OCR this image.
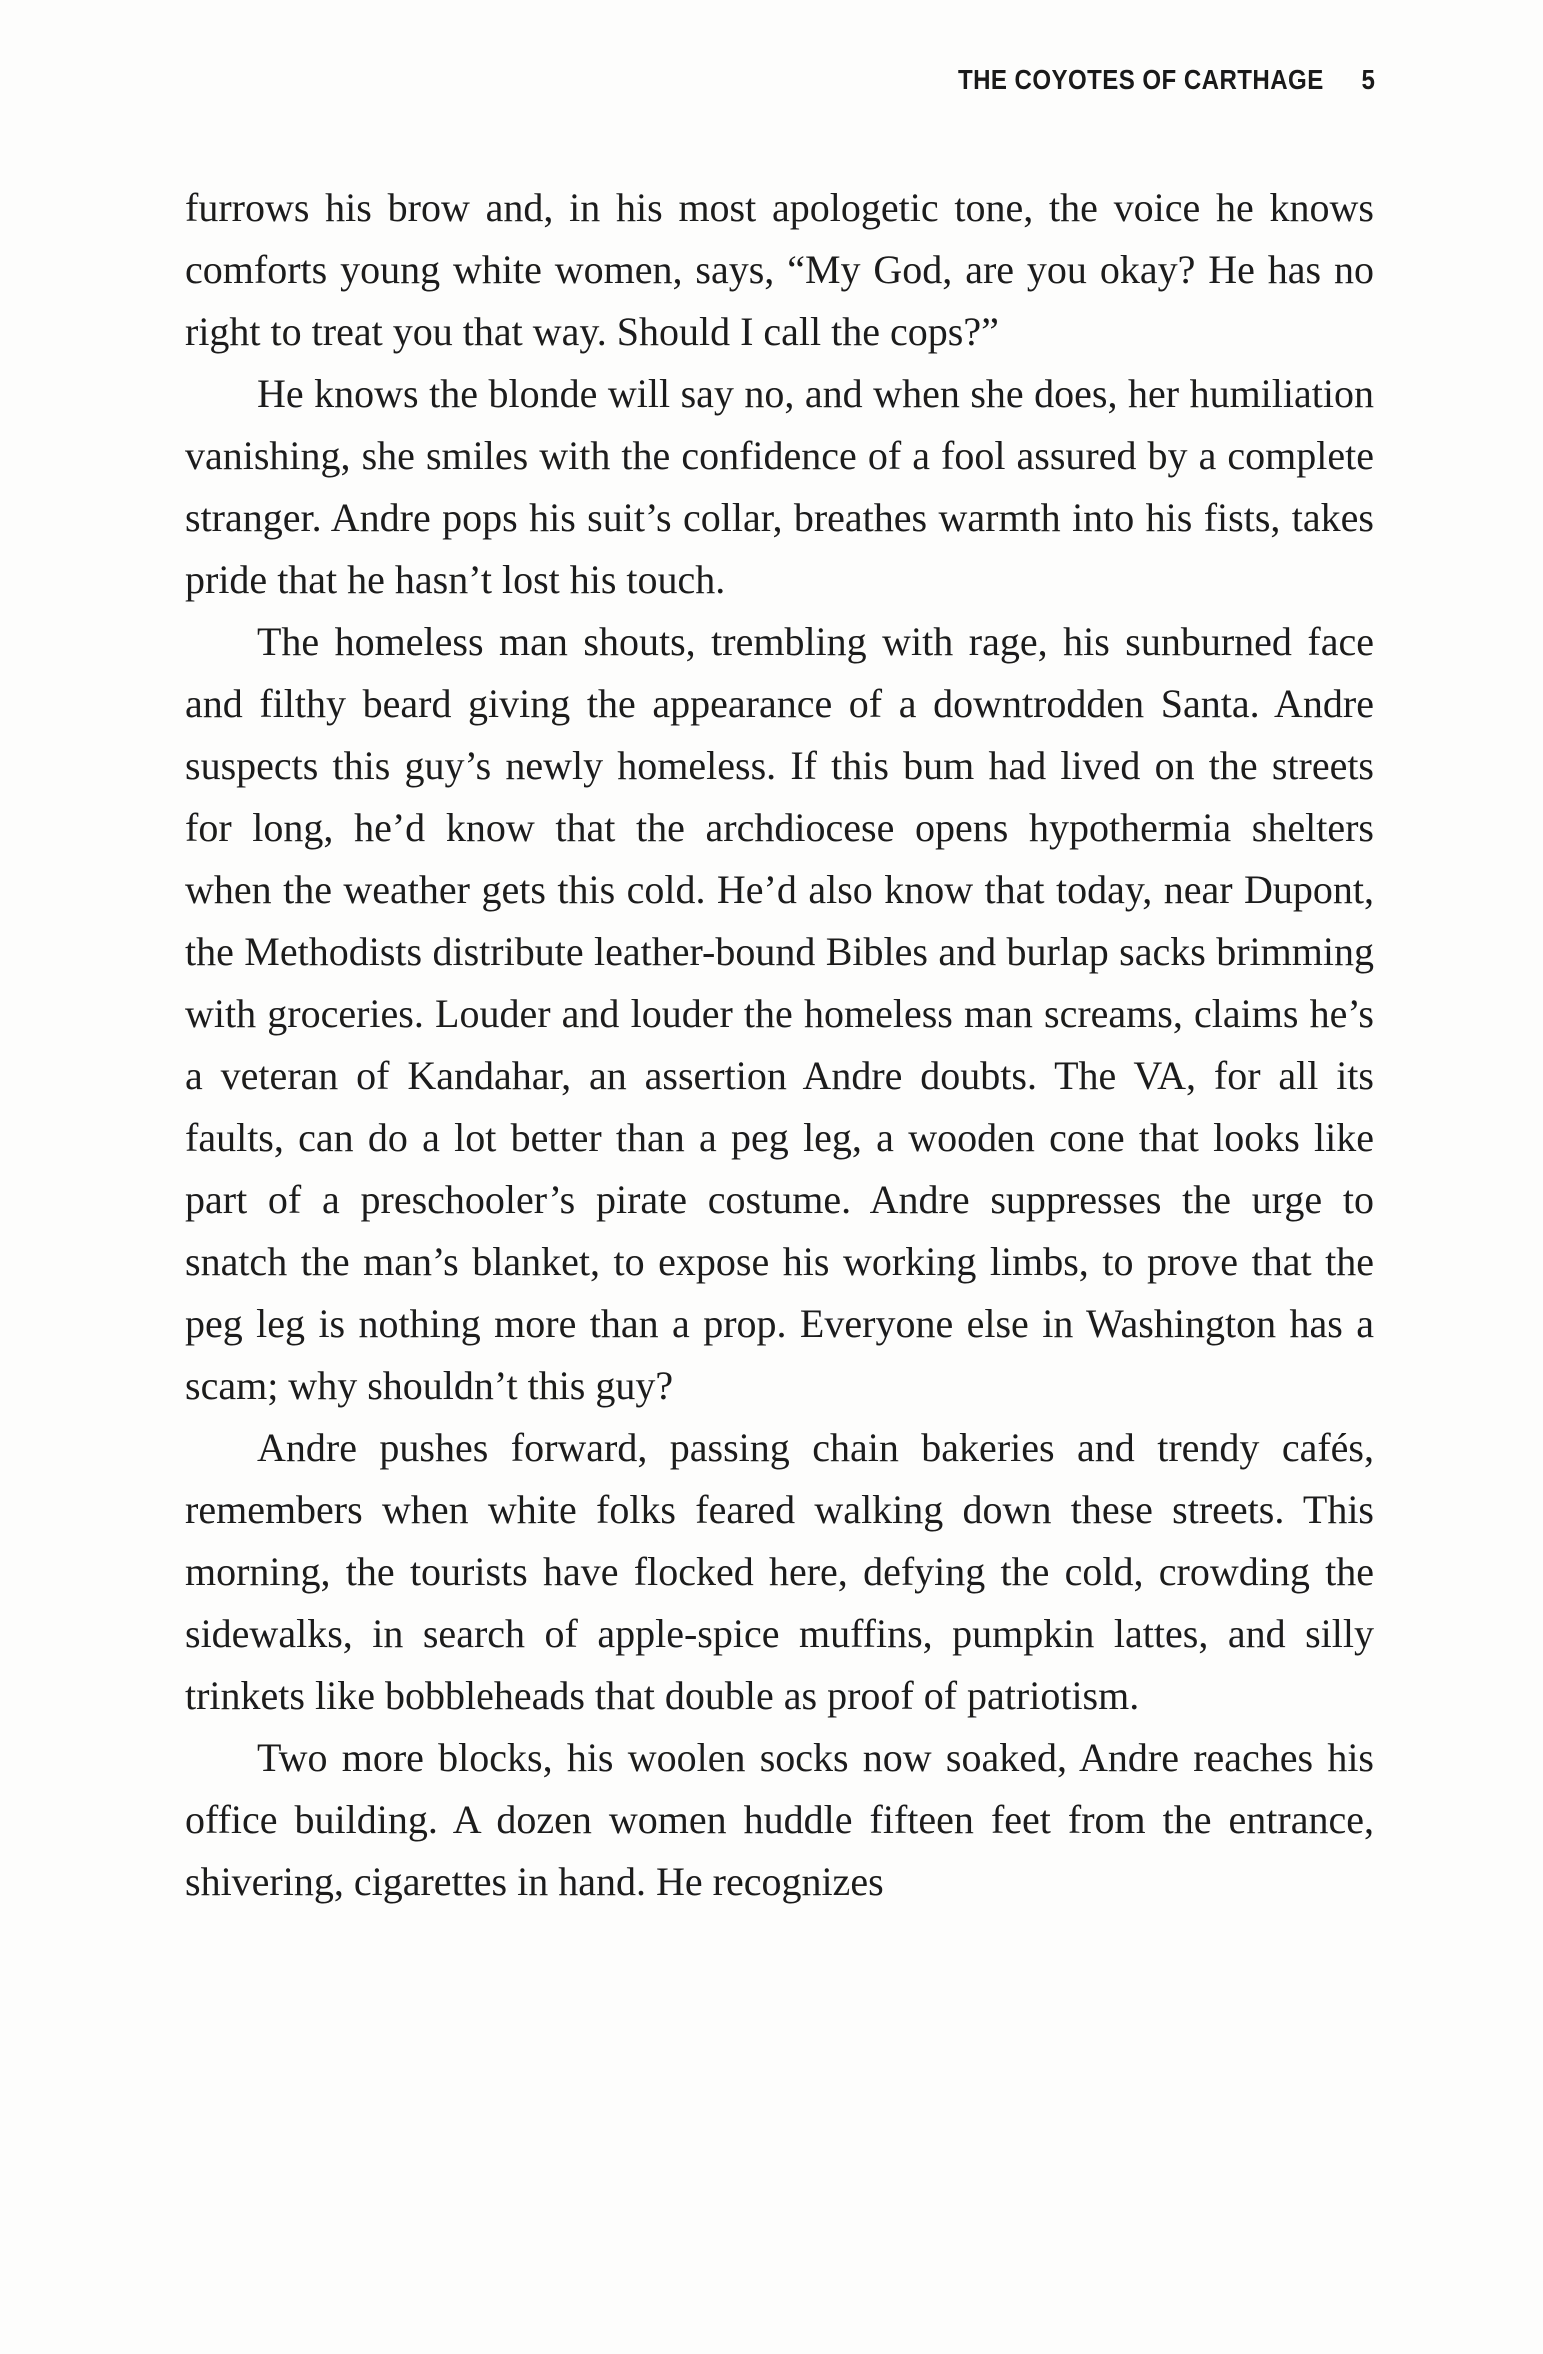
THE COYOTES OF CARTHAGE 5

furrows his brow and, in his most apologetic tone, the voice he knows comforts young white women, says, “My God, are you okay? He has no right to treat you that way. Should I call the cops?”

He knows the blonde will say no, and when she does, her humiliation vanishing, she smiles with the confidence of a fool assured by a complete stranger. Andre pops his suit’s collar, breathes warmth into his fists, takes pride that he hasn’t lost his touch.

The homeless man shouts, trembling with rage, his sunburned face and filthy beard giving the appearance of a downtrodden Santa. Andre suspects this guy’s newly homeless. If this bum had lived on the streets for long, he’d know that the archdiocese opens hypothermia shelters when the weather gets this cold. He’d also know that today, near Dupont, the Methodists distribute leather-bound Bibles and burlap sacks brimming with groceries. Louder and louder the homeless man screams, claims he’s a veteran of Kandahar, an assertion Andre doubts. The VA, for all its faults, can do a lot better than a peg leg, a wooden cone that looks like part of a preschooler’s pirate costume. Andre suppresses the urge to snatch the man’s blanket, to expose his working limbs, to prove that the peg leg is nothing more than a prop. Everyone else in Washington has a scam; why shouldn’t this guy?

Andre pushes forward, passing chain bakeries and trendy cafés, remembers when white folks feared walking down these streets. This morning, the tourists have flocked here, defying the cold, crowding the sidewalks, in search of apple-spice muffins, pumpkin lattes, and silly trinkets like bobbleheads that double as proof of patriotism.

Two more blocks, his woolen socks now soaked, Andre reaches his office building. A dozen women huddle fifteen feet from the entrance, shivering, cigarettes in hand. He recognizes
